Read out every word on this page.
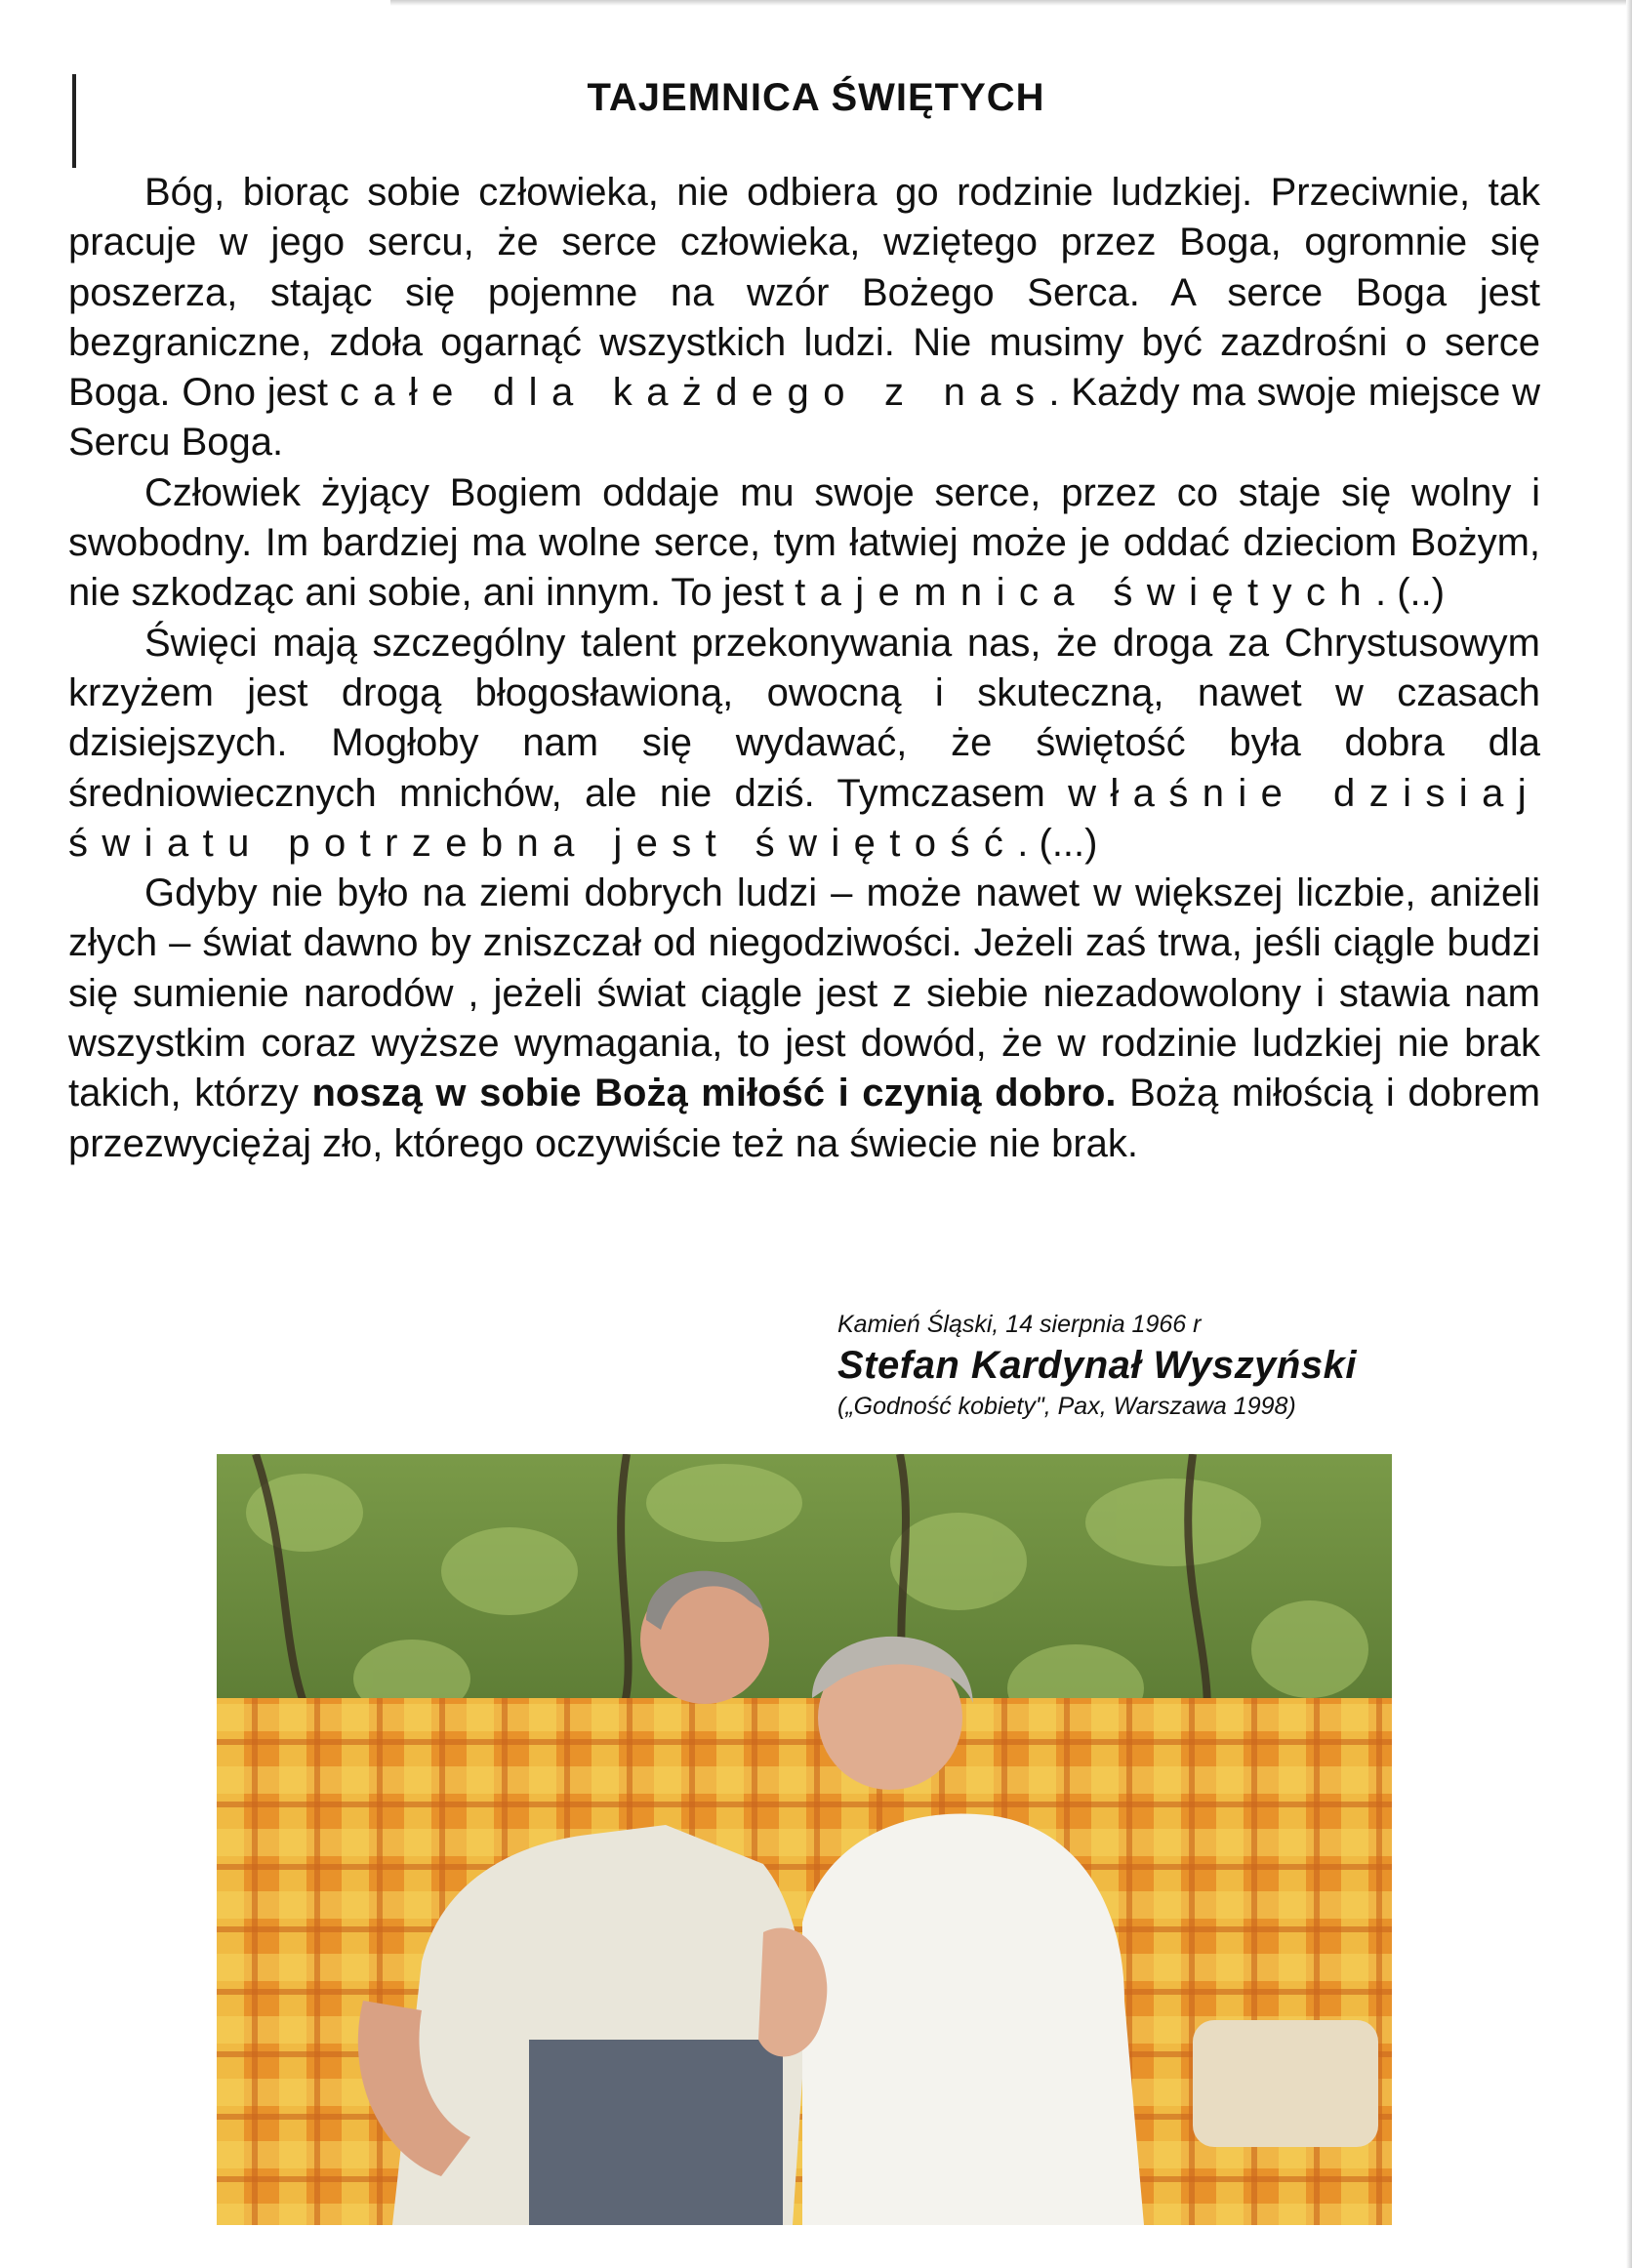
TAJEMNICA ŚWIĘTYCH

Bóg, biorąc sobie człowieka, nie odbiera go rodzinie ludzkiej. Przeciwnie, tak pracuje w jego sercu, że serce człowieka, wziętego przez Boga, ogromnie się poszerza, stając się pojemne na wzór Bożego Serca. A serce Boga jest bezgraniczne, zdoła ogarnąć wszystkich ludzi. Nie musimy być zazdrośni o serce Boga. Ono jest całe dla każdego z nas. Każdy ma swoje miejsce w Sercu Boga.

Człowiek żyjący Bogiem oddaje mu swoje serce, przez co staje się wolny i swobodny. Im bardziej ma wolne serce, tym łatwiej może je oddać dzieciom Bożym, nie szkodząc ani sobie, ani innym. To jest tajemnica świętych. (..)

Święci mają szczególny talent przekonywania nas, że droga za Chrystusowym krzyżem jest drogą błogosławioną, owocną i skuteczną, nawet w czasach dzisiejszych. Mogłoby nam się wydawać, że świętość była dobra dla średniowiecznych mnichów, ale nie dziś. Tymczasem właśnie dzisiaj światu potrzebna jest świętość. (...)

Gdyby nie było na ziemi dobrych ludzi – może nawet w większej liczbie, aniżeli złych – świat dawno by zniszczał od niegodziwości. Jeżeli zaś trwa, jeśli ciągle budzi się sumienie narodów , jeżeli świat ciągle jest z siebie niezadowolony i stawia nam wszystkim coraz wyższe wymagania, to jest dowód, że w rodzinie ludzkiej nie brak takich, którzy noszą w sobie Bożą miłość i czynią dobro. Bożą miłością i dobrem przezwyciężaj zło, którego oczywiście też na świecie nie brak.

Kamień Śląski, 14 sierpnia 1966 r
Stefan Kardynał Wyszyński
(„Godność kobiety", Pax, Warszawa 1998)
